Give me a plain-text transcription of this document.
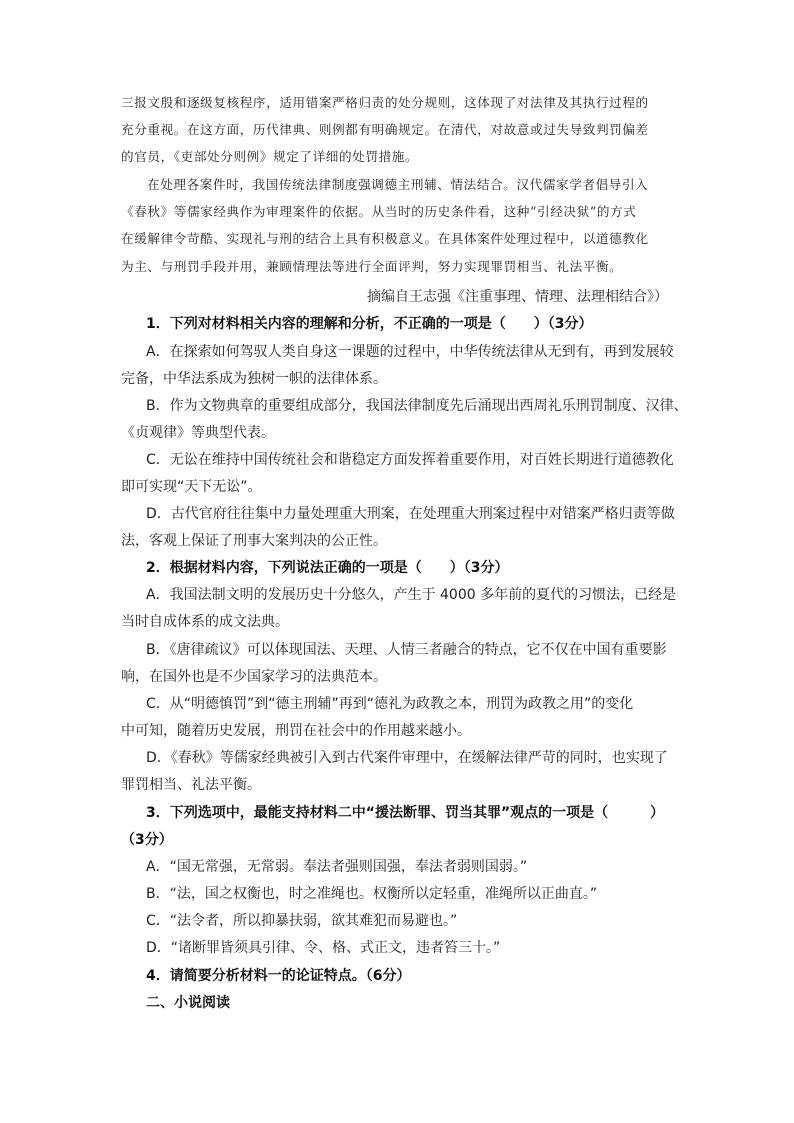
三报文殷和逐级复核程序，适用错案严格归责的处分规则，这体现了对法律及其执行过程的
充分重视。在这方面，历代律典、则例都有明确规定。在清代，对故意或过失导致判罚偏差
的官员，《吏部处分则例》规定了详细的处罚措施。
在处理各案件时，我国传统法律制度强调德主刑辅、情法结合。汉代儒家学者倡导引入
《春秋》等儒家经典作为审理案件的依据。从当时的历史条件看，这种“引经决狱”的方式
在缓解律令苛酷、实现礼与刑的结合上具有积极意义。在具体案件处理过程中，以道德教化
为主、与刑罚手段并用，兼顾情理法等进行全面评判，努力实现罪罚相当、礼法平衡。
摘编自王志强《注重事理、情理、法理相结合》）
1．下列对材料相关内容的理解和分析，不正确的一项是（　　）（3分）
A．在探索如何驾驭人类自身这一课题的过程中，中华传统法律从无到有，再到发展较
完备，中华法系成为独树一帜的法律体系。
B．作为文物典章的重要组成部分，我国法律制度先后涌现出西周礼乐刑罚制度、汉律、
《贞观律》等典型代表。
C．无讼在维持中国传统社会和谐稳定方面发挥着重要作用，对百姓长期进行道德教化
即可实现“天下无讼”。
D．古代官府往往集中力量处理重大刑案，在处理重大刑案过程中对错案严格归责等做
法，客观上保证了刑事大案判决的公正性。
2．根据材料内容，下列说法正确的一项是（　　）（3分）
A．我国法制文明的发展历史十分悠久，产生于 4000 多年前的夏代的习惯法，已经是
当时自成体系的成文法典。
B．《唐律疏议》可以体现国法、天理、人情三者融合的特点，它不仅在中国有重要影
响，在国外也是不少国家学习的法典范本。
C．从“明德慎罚”到“德主刑辅”再到“德礼为政教之本，刑罚为政教之用”的变化
中可知，随着历史发展，刑罚在社会中的作用越来越小。
D．《春秋》等儒家经典被引入到古代案件审理中，在缓解法律严苛的同时，也实现了
罪罚相当、礼法平衡。
3．下列选项中，最能支持材料二中“援法断罪、罚当其罪”观点的一项是（　　　）
（3分）
A．“国无常强，无常弱。奉法者强则国强，奉法者弱则国弱。”
B．“法，国之权衡也，时之准绳也。权衡所以定轻重，准绳所以正曲直。”
C．“法令者，所以抑暴扶弱，欲其难犯而易避也。”
D．“诸断罪皆须具引律、令、格、式正文，违者笞三十。”
4．请简要分析材料一的论证特点。（6分）
二、小说阅读
